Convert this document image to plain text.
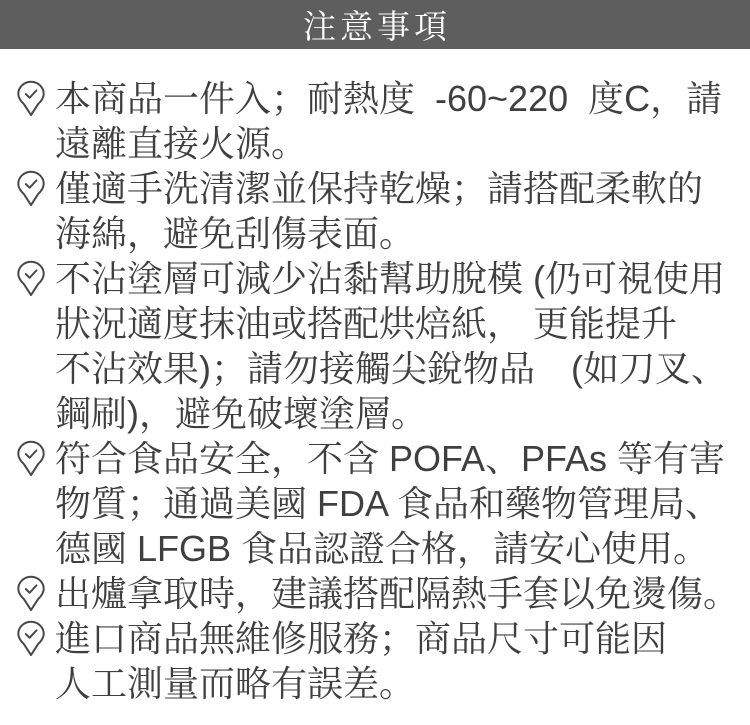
注意事項
本商品一件入；耐熱度  -60~220  度C，請
遠離直接火源。
僅適手洗清潔並保持乾燥；請搭配柔軟的
海綿，避免刮傷表面。
不沾塗層可減少沾黏幫助脫模 (仍可視使用
狀況適度抹油或搭配烘焙紙， 更能提升
不沾效果)；請勿接觸尖銳物品　(如刀叉、
鋼刷)，避免破壞塗層。
符合食品安全，不含 POFA、PFAs 等有害
物質；通過美國 FDA 食品和藥物管理局、
德國 LFGB 食品認證合格，請安心使用。
出爐拿取時，建議搭配隔熱手套以免燙傷。
進口商品無維修服務；商品尺寸可能因
人工測量而略有誤差。
